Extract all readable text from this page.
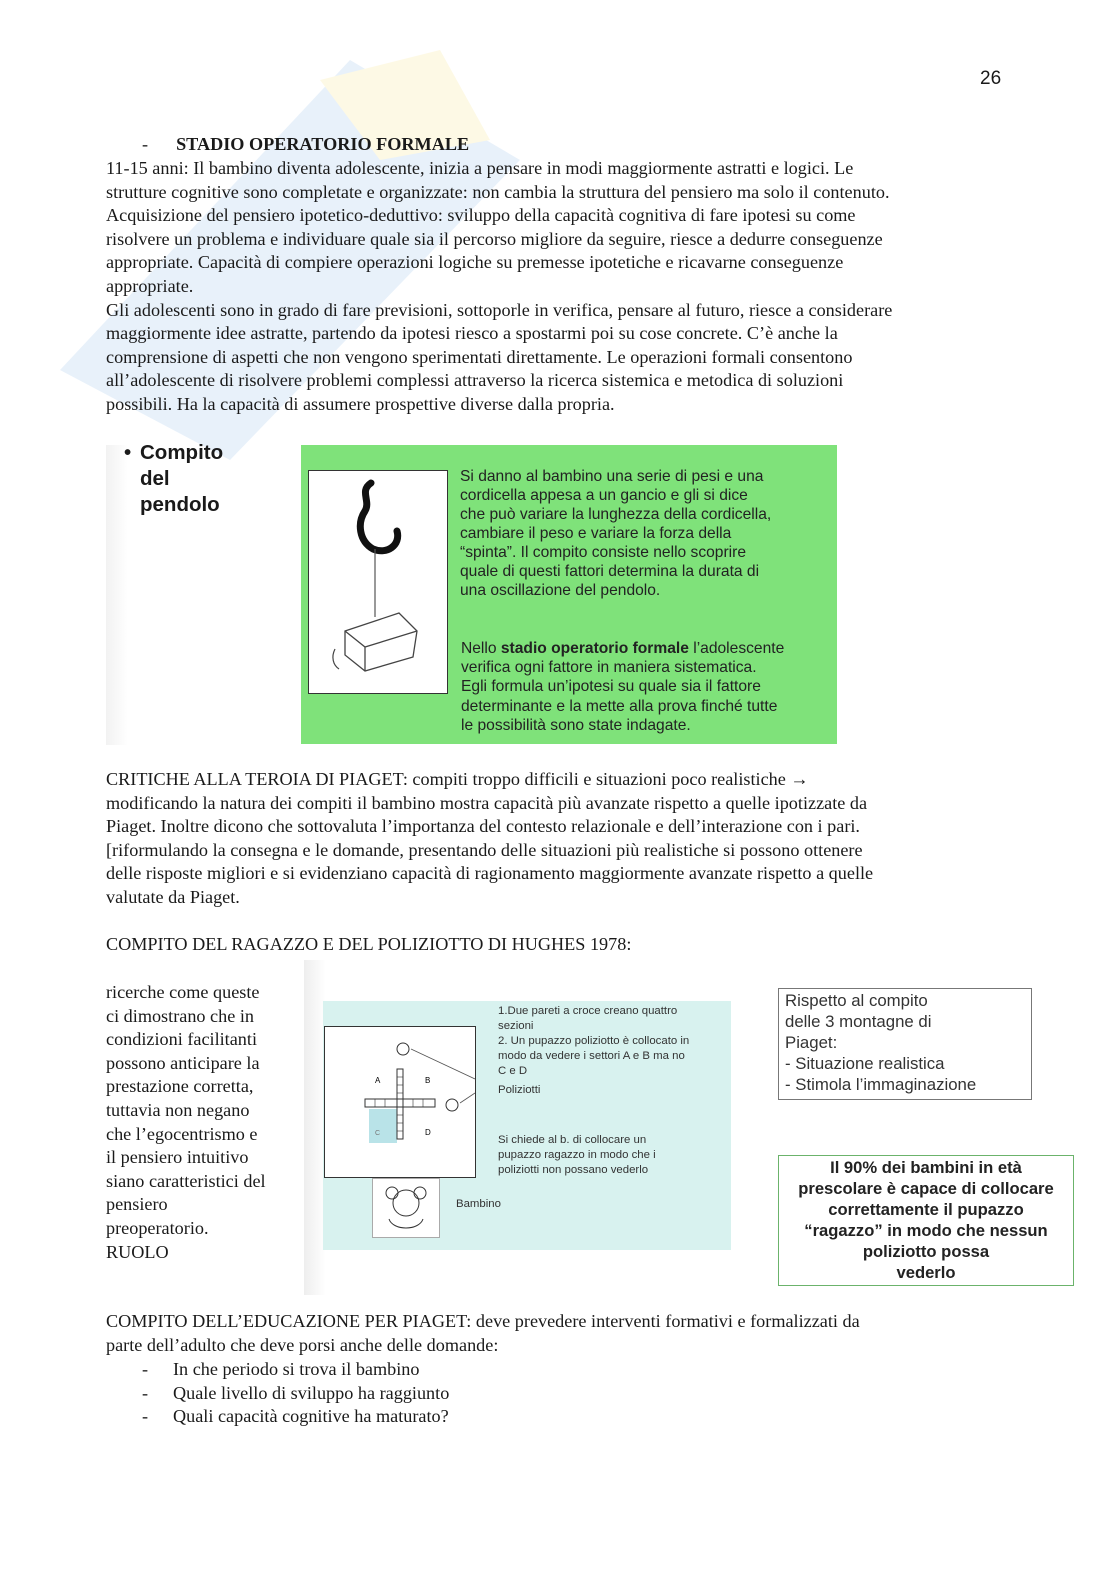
26
- STADIO OPERATORIO FORMALE
11-15 anni: Il bambino diventa adolescente, inizia a pensare in modi maggiormente astratti e logici. Le
strutture cognitive sono completate e organizzate: non cambia la struttura del pensiero ma solo il contenuto.
Acquisizione del pensiero ipotetico-deduttivo: sviluppo della capacità cognitiva di fare ipotesi su come
risolvere un problema e individuare quale sia il percorso migliore da seguire, riesce a dedurre conseguenze
appropriate. Capacità di compiere operazioni logiche su premesse ipotetiche e ricavarne conseguenze
appropriate.
Gli adolescenti sono in grado di fare previsioni, sottoporle in verifica, pensare al futuro, riesce a considerare
maggiormente idee astratte, partendo da ipotesi riesco a spostarmi poi su cose concrete. C’è anche la
comprensione di aspetti che non vengono sperimentati direttamente. Le operazioni formali consentono
all’adolescente di risolvere problemi complessi attraverso la ricerca sistemica e metodica di soluzioni
possibili. Ha la capacità di assumere prospettive diverse dalla propria.
• Compito
del
pendolo
Si danno al bambino una serie di pesi e una
cordicella appesa a un gancio e gli si dice
che può variare la lunghezza della cordicella,
cambiare il peso e variare la forza della
“spinta”. Il compito consiste nello scoprire
quale di questi fattori determina la durata di
una oscillazione del pendolo.
Nello stadio operatorio formale l’adolescente
verifica ogni fattore in maniera sistematica.
Egli formula un’ipotesi su quale sia il fattore
determinante e la mette alla prova finché tutte
le possibilità sono state indagate.
CRITICHE ALLA TEROIA DI PIAGET: compiti troppo difficili e situazioni poco realistiche →
modificando la natura dei compiti il bambino mostra capacità più avanzate rispetto a quelle ipotizzate da
Piaget. Inoltre dicono che sottovaluta l’importanza del contesto relazionale e dell’interazione con i pari.
[riformulando la consegna e le domande, presentando delle situazioni più realistiche si possono ottenere
delle risposte migliori e si evidenziano capacità di ragionamento maggiormente avanzate rispetto a quelle
valutate da Piaget.
COMPITO DEL RAGAZZO E DEL POLIZIOTTO DI HUGHES 1978:
ricerche come queste
ci dimostrano che in
condizioni facilitanti
possono anticipare la
prestazione corretta,
tuttavia non negano
che l’egocentrismo e
il pensiero intuitivo
siano caratteristici del
pensiero
preoperatorio.
RUOLO
A	B
C	D
1.Due pareti a croce creano quattro
sezioni
2. Un pupazzo poliziotto è collocato in
modo da vedere i settori A e B ma no
C e D
Poliziotti
Si chiede al b. di collocare un
pupazzo ragazzo in modo che i
poliziotti non possano vederlo
Bambino
Rispetto al compito
delle 3 montagne di
Piaget:
- Situazione realistica
- Stimola l’immaginazione
Il 90% dei bambini in età
prescolare è capace di collocare
correttamente il pupazzo
“ragazzo” in modo che nessun
poliziotto possa
vederlo
COMPITO DELL’EDUCAZIONE PER PIAGET: deve prevedere interventi formativi e formalizzati da
parte dell’adulto che deve porsi anche delle domande:
-	In che periodo si trova il bambino
-	Quale livello di sviluppo ha raggiunto
-	Quali capacità cognitive ha maturato?
